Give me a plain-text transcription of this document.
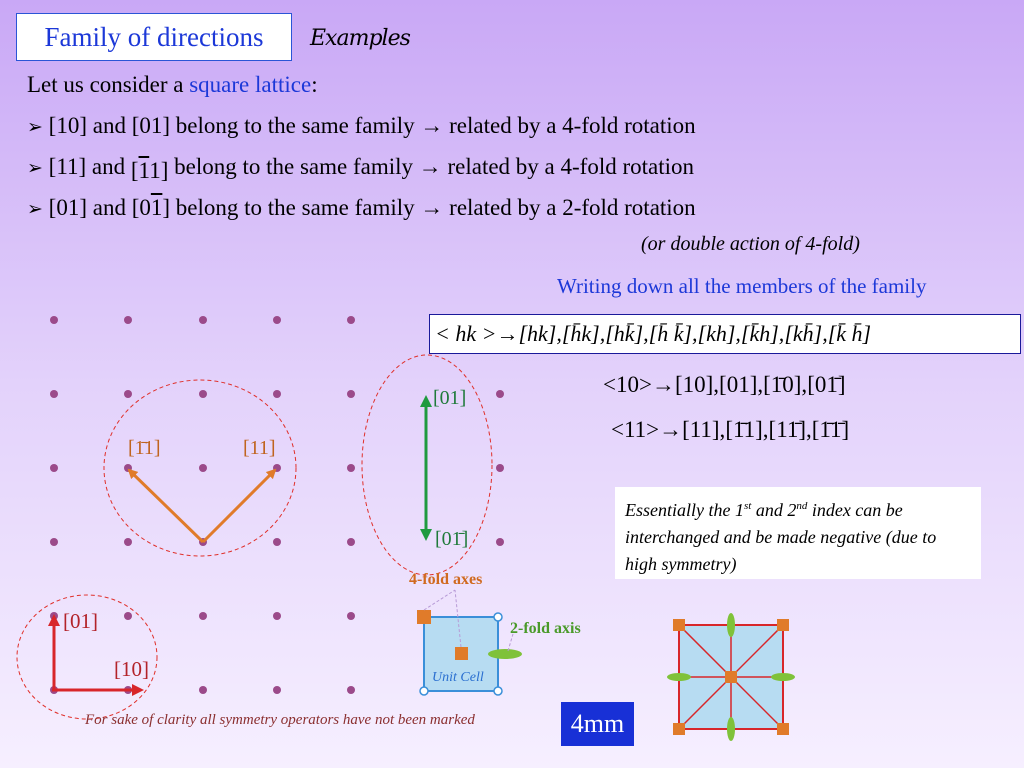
Family of directions	Examples
Let us consider a square lattice:
➢ [10] and [01] belong to the same family → related by a 4-fold rotation
➢ [11] and [11] belong to the same family → related by a 4-fold rotation
➢ [01] and [01] belong to the same family → related by a 2-fold rotation
(or double action of 4-fold)
Writing down all the members of the family
< hk >→[hk],[h̄k],[hk̄],[h̄ k̄],[kh],[k̄h],[kh̄],[k̄ h̄]
<10>→[10],[01],[1̄0],[01̄]
<11>→[11],[1̄1],[11̄],[1̄1̄]
Essentially the 1st and 2nd index can be interchanged and be made negative (due to high symmetry)
[1̄1]	[11]
[01]
[01̄]
[01]
[10]	Unit Cell
4-fold axes
2-fold axis
For sake of clarity all symmetry operators have not been marked	4mm
